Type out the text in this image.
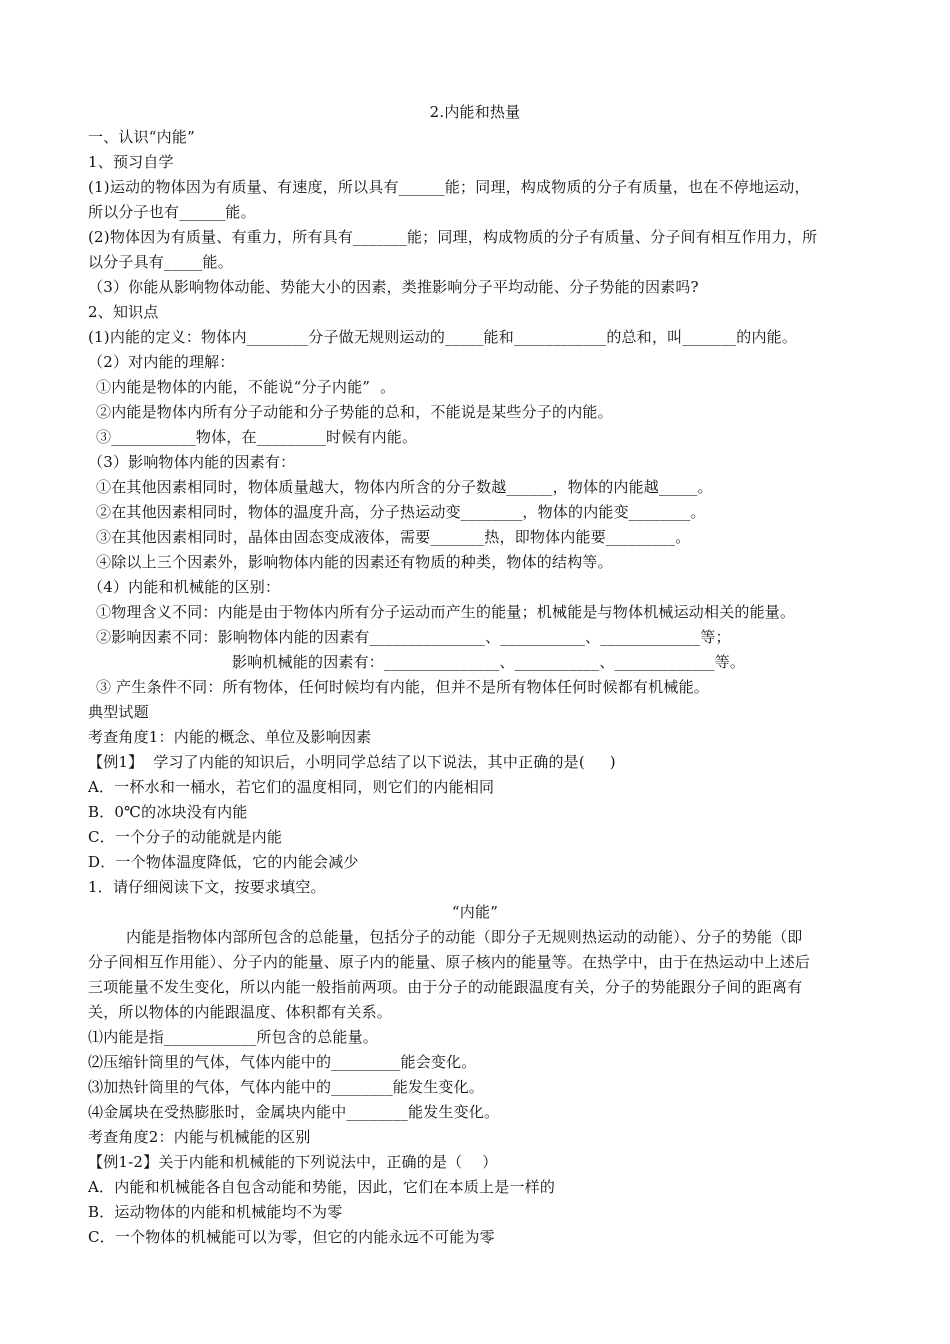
2.内能和热量
一、认识“内能”
1、预习自学
(1)运动的物体因为有质量、有速度，所以具有______能；同理，构成物质的分子有质量，也在不停地运动，
所以分子也有______能。
(2)物体因为有质量、有重力，所有具有_______能；同理，构成物质的分子有质量、分子间有相互作用力，所
以分子具有_____能。
（3）你能从影响物体动能、势能大小的因素，类推影响分子平均动能、分子势能的因素吗?
2、知识点
(1)内能的定义：物体内________分子做无规则运动的_____能和____________的总和，叫_______的内能。
（2）对内能的理解：
①内能是物体的内能，不能说“分子内能”  。
②内能是物体内所有分子动能和分子势能的总和，不能说是某些分子的内能。
③___________物体，在_________时候有内能。
（3）影响物体内能的因素有：
①在其他因素相同时，物体质量越大，物体内所含的分子数越______，物体的内能越_____。
②在其他因素相同时，物体的温度升高，分子热运动变________，物体的内能变________。
③在其他因素相同时，晶体由固态变成液体，需要_______热，即物体内能要_________。
④除以上三个因素外，影响物体内能的因素还有物质的种类，物体的结构等。
（4）内能和机械能的区别：
①物理含义不同：内能是由于物体内所有分子运动而产生的能量；机械能是与物体机械运动相关的能量。
②影响因素不同：影响物体内能的因素有_______________、___________、_____________等；
影响机械能的因素有：_______________、___________、_____________等。
③ 产生条件不同：所有物体，任何时候均有内能，但并不是所有物体任何时候都有机械能。
典型试题
考查角度1：内能的概念、单位及影响因素
【例1】  学习了内能的知识后，小明同学总结了以下说法，其中正确的是(     )
A．一杯水和一桶水，若它们的温度相同，则它们的内能相同
B．0℃的冰块没有内能
C．一个分子的动能就是内能
D．一个物体温度降低，它的内能会减少
1．请仔细阅读下文，按要求填空。
“内能”
内能是指物体内部所包含的总能量，包括分子的动能（即分子无规则热运动的动能）、分子的势能（即
分子间相互作用能）、分子内的能量、原子内的能量、原子核内的能量等。在热学中，由于在热运动中上述后
三项能量不发生变化，所以内能一般指前两项。由于分子的动能跟温度有关，分子的势能跟分子间的距离有
关，所以物体的内能跟温度、体积都有关系。
⑴内能是指____________所包含的总能量。
⑵压缩针筒里的气体，气体内能中的_________能会变化。
⑶加热针筒里的气体，气体内能中的________能发生变化。
⑷金属块在受热膨胀时，金属块内能中________能发生变化。
考查角度2：内能与机械能的区别
【例1-2】关于内能和机械能的下列说法中，正确的是（    ）
A．内能和机械能各自包含动能和势能，因此，它们在本质上是一样的
B．运动物体的内能和机械能均不为零
C．一个物体的机械能可以为零，但它的内能永远不可能为零
